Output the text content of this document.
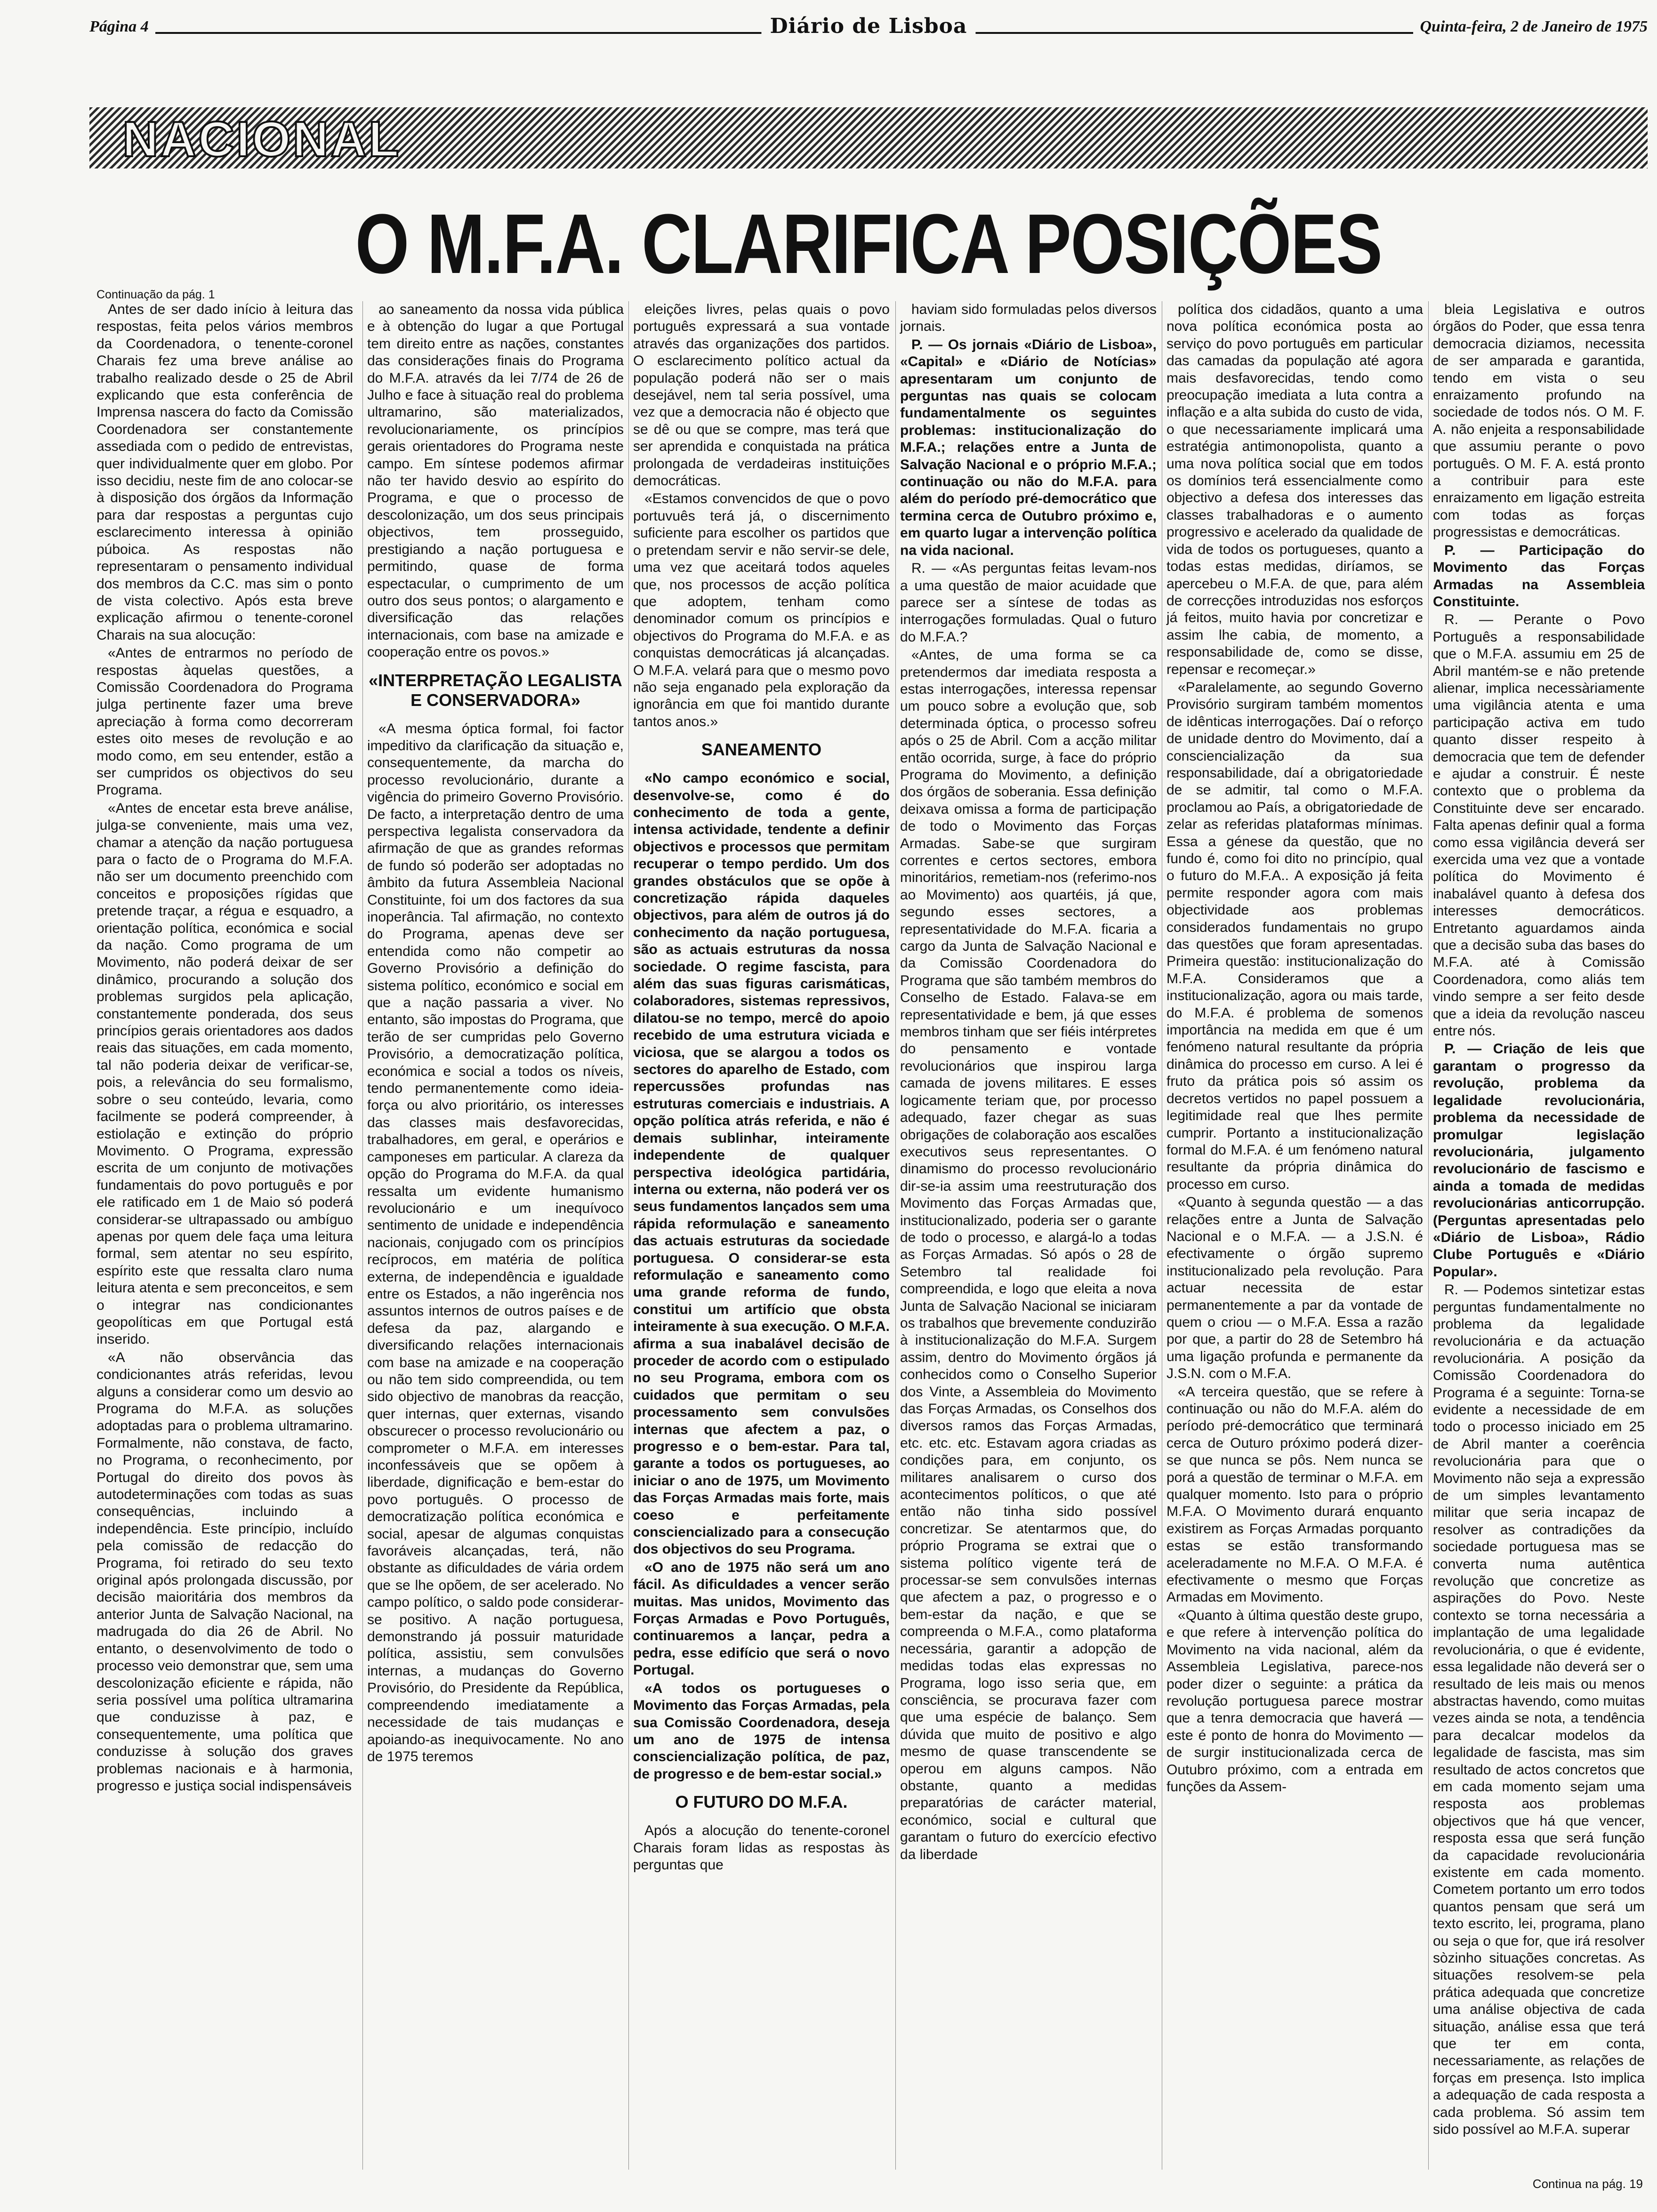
Página 4	Diário de Lisboa	Quinta-feira, 2 de Janeiro de 1975
NACIONAL
O M.F.A. CLARIFICA POSIÇÕES
Continuação da pág. 1

Antes de ser dado início à leitura das respostas, feita pelos vários membros da Coordenadora, o tenente-coronel Charais fez uma breve análise ao trabalho realizado desde o 25 de Abril explicando que esta conferência de Imprensa nascera do facto da Comissão Coordenadora ser constantemente assediada com o pedido de entrevistas, quer individualmente quer em globo. Por isso decidiu, neste fim de ano colocar-se à disposição dos órgãos da Informação para dar respostas a perguntas cujo esclarecimento interessa à opinião púboica. As respostas não representaram o pensamento individual dos membros da C.C. mas sim o ponto de vista colectivo. Após esta breve explicação afirmou o tenente-coronel Charais na sua alocução:

«Antes de entrarmos no período de respostas àquelas questões, a Comissão Coordenadora do Programa julga pertinente fazer uma breve apreciação à forma como decorreram estes oito meses de revolução e ao modo como, em seu entender, estão a ser cumpridos os objectivos do seu Programa.

«Antes de encetar esta breve análise, julga-se conveniente, mais uma vez, chamar a atenção da nação portuguesa para o facto de o Programa do M.F.A. não ser um documento preenchido com conceitos e proposições rígidas que pretende traçar, a régua e esquadro, a orientação política, económica e social da nação. Como programa de um Movimento, não poderá deixar de ser dinâmico, procurando a solução dos problemas surgidos pela aplicação, constantemente ponderada, dos seus princípios gerais orientadores aos dados reais das situações, em cada momento, tal não poderia deixar de verificar-se, pois, a relevância do seu formalismo, sobre o seu conteúdo, levaria, como facilmente se poderá compreender, à estiolação e extinção do próprio Movimento. O Programa, expressão escrita de um conjunto de motivações fundamentais do povo português e por ele ratificado em 1 de Maio só poderá considerar-se ultrapassado ou ambíguo apenas por quem dele faça uma leitura formal, sem atentar no seu espírito, espírito este que ressalta claro numa leitura atenta e sem preconceitos, e sem o integrar nas condicionantes geopolíticas em que Portugal está inserido.

«A não observância das condicionantes atrás referidas, levou alguns a considerar como um desvio ao Programa do M.F.A. as soluções adoptadas para o problema ultramarino. Formalmente, não constava, de facto, no Programa, o reconhecimento, por Portugal do direito dos povos às autodeterminações com todas as suas consequências, incluindo a independência. Este princípio, incluído pela comissão de redacção do Programa, foi retirado do seu texto original após prolongada discussão, por decisão maioritária dos membros da anterior Junta de Salvação Nacional, na madrugada do dia 26 de Abril. No entanto, o desenvolvimento de todo o processo veio demonstrar que, sem uma descolonização eficiente e rápida, não seria possível uma política ultramarina que conduzisse à paz, e consequentemente, uma política que conduzisse à solução dos graves problemas nacionais e à harmonia, progresso e justiça social indispensáveis

ao saneamento da nossa vida pública e à obtenção do lugar a que Portugal tem direito entre as nações, constantes das considerações finais do Programa do M.F.A. através da lei 7/74 de 26 de Julho e face à situação real do problema ultramarino, são materializados, revolucionariamente, os princípios gerais orientadores do Programa neste campo. Em síntese podemos afirmar não ter havido desvio ao espírito do Programa, e que o processo de descolonização, um dos seus principais objectivos, tem prosseguido, prestigiando a nação portuguesa e permitindo, quase de forma espectacular, o cumprimento de um outro dos seus pontos; o alargamento e diversificação das relações internacionais, com base na amizade e cooperação entre os povos.»

«INTERPRETAÇÃO LEGALISTA E CONSERVADORA»

«A mesma óptica formal, foi factor impeditivo da clarificação da situação e, consequentemente, da marcha do processo revolucionário, durante a vigência do primeiro Governo Provisório. De facto, a interpretação dentro de uma perspectiva legalista conservadora da afirmação de que as grandes reformas de fundo só poderão ser adoptadas no âmbito da futura Assembleia Nacional Constituinte, foi um dos factores da sua inoperância. Tal afirmação, no contexto do Programa, apenas deve ser entendida como não competir ao Governo Provisório a definição do sistema político, económico e social em que a nação passaria a viver. No entanto, são impostas do Programa, que terão de ser cumpridas pelo Governo Provisório, a democratização política, económica e social a todos os níveis, tendo permanentemente como ideia-força ou alvo prioritário, os interesses das classes mais desfavorecidas, trabalhadores, em geral, e operários e camponeses em particular. A clareza da opção do Programa do M.F.A. da qual ressalta um evidente humanismo revolucionário e um inequívoco sentimento de unidade e independência nacionais, conjugado com os princípios recíprocos, em matéria de política externa, de independência e igualdade entre os Estados, a não ingerência nos assuntos internos de outros países e de defesa da paz, alargando e diversificando relações internacionais com base na amizade e na cooperação ou não tem sido compreendida, ou tem sido objectivo de manobras da reacção, quer internas, quer externas, visando obscurecer o processo revolucionário ou comprometer o M.F.A. em interesses inconfessáveis que se opõem à liberdade, dignificação e bem-estar do povo português. O processo de democratização política económica e social, apesar de algumas conquistas favoráveis alcançadas, terá, não obstante as dificuldades de vária ordem que se lhe opõem, de ser acelerado. No campo político, o saldo pode considerar-se positivo. A nação portuguesa, demonstrando já possuir maturidade política, assistiu, sem convulsões internas, a mudanças do Governo Provisório, do Presidente da República, compreendendo imediatamente a necessidade de tais mudanças e apoiando-as inequivocamente. No ano de 1975 teremos

eleições livres, pelas quais o povo português expressará a sua vontade através das organizações dos partidos. O esclarecimento político actual da população poderá não ser o mais desejável, nem tal seria possível, uma vez que a democracia não é objecto que se dê ou que se compre, mas terá que ser aprendida e conquistada na prática prolongada de verdadeiras instituições democráticas.

«Estamos convencidos de que o povo portuvuês terá já, o discernimento suficiente para escolher os partidos que o pretendam servir e não servir-se dele, uma vez que aceitará todos aqueles que, nos processos de acção política que adoptem, tenham como denominador comum os princípios e objectivos do Programa do M.F.A. e as conquistas democráticas já alcançadas. O M.F.A. velará para que o mesmo povo não seja enganado pela exploração da ignorância em que foi mantido durante tantos anos.»

SANEAMENTO

«No campo económico e social, desenvolve-se, como é do conhecimento de toda a gente, intensa actividade, tendente a definir objectivos e processos que permitam recuperar o tempo perdido. Um dos grandes obstáculos que se opõe à concretização rápida daqueles objectivos, para além de outros já do conhecimento da nação portuguesa, são as actuais estruturas da nossa sociedade. O regime fascista, para além das suas figuras carismáticas, colaboradores, sistemas repressivos, dilatou-se no tempo, mercê do apoio recebido de uma estrutura viciada e viciosa, que se alargou a todos os sectores do aparelho de Estado, com repercussões profundas nas estruturas comerciais e industriais. A opção política atrás referida, e não é demais sublinhar, inteiramente independente de qualquer perspectiva ideológica partidária, interna ou externa, não poderá ver os seus fundamentos lançados sem uma rápida reformulação e saneamento das actuais estruturas da sociedade portuguesa. O considerar-se esta reformulação e saneamento como uma grande reforma de fundo, constitui um artifício que obsta inteiramente à sua execução. O M.F.A. afirma a sua inabalável decisão de proceder de acordo com o estipulado no seu Programa, embora com os cuidados que permitam o seu processamento sem convulsões internas que afectem a paz, o progresso e o bem-estar. Para tal, garante a todos os portugueses, ao iniciar o ano de 1975, um Movimento das Forças Armadas mais forte, mais coeso e perfeitamente consciencializado para a consecução dos objectivos do seu Programa.

«O ano de 1975 não será um ano fácil. As dificuldades a vencer serão muitas. Mas unidos, Movimento das Forças Armadas e Povo Português, continuaremos a lançar, pedra a pedra, esse edifício que será o novo Portugal.

«A todos os portugueses o Movimento das Forças Armadas, pela sua Comissão Coordenadora, deseja um ano de 1975 de intensa consciencialização política, de paz, de progresso e de bem-estar social.»

O FUTURO DO M.F.A.

Após a alocução do tenente-coronel Charais foram lidas as respostas às perguntas que

haviam sido formuladas pelos diversos jornais.

P. — Os jornais «Diário de Lisboa», «Capital» e «Diário de Notícias» apresentaram um conjunto de perguntas nas quais se colocam fundamentalmente os seguintes problemas: institucionalização do M.F.A.; relações entre a Junta de Salvação Nacional e o próprio M.F.A.; continuação ou não do M.F.A. para além do período pré-democrático que termina cerca de Outubro próximo e, em quarto lugar a intervenção política na vida nacional.

R. — «As perguntas feitas levam-nos a uma questão de maior acuidade que parece ser a síntese de todas as interrogações formuladas. Qual o futuro do M.F.A.?

«Antes, de uma forma se ca pretendermos dar imediata resposta a estas interrogações, interessa repensar um pouco sobre a evolução que, sob determinada óptica, o processo sofreu após o 25 de Abril. Com a acção militar então ocorrida, surge, à face do próprio Programa do Movimento, a definição dos órgãos de soberania. Essa definição deixava omissa a forma de participação de todo o Movimento das Forças Armadas. Sabe-se que surgiram correntes e certos sectores, embora minoritários, remetiam-nos (referimo-nos ao Movimento) aos quartéis, já que, segundo esses sectores, a representatividade do M.F.A. ficaria a cargo da Junta de Salvação Nacional e da Comissão Coordenadora do Programa que são também membros do Conselho de Estado. Falava-se em representatividade e bem, já que esses membros tinham que ser fiéis intérpretes do pensamento e vontade revolucionários que inspirou larga camada de jovens militares. E esses logicamente teriam que, por processo adequado, fazer chegar as suas obrigações de colaboração aos escalões executivos seus representantes. O dinamismo do processo revolucionário dir-se-ia assim uma reestruturação dos Movimento das Forças Armadas que, institucionalizado, poderia ser o garante de todo o processo, e alargá-lo a todas as Forças Armadas. Só após o 28 de Setembro tal realidade foi compreendida, e logo que eleita a nova Junta de Salvação Nacional se iniciaram os trabalhos que brevemente conduzirão à institucionalização do M.F.A. Surgem assim, dentro do Movimento órgãos já conhecidos como o Conselho Superior dos Vinte, a Assembleia do Movimento das Forças Armadas, os Conselhos dos diversos ramos das Forças Armadas, etc. etc. etc. Estavam agora criadas as condições para, em conjunto, os militares analisarem o curso dos acontecimentos políticos, o que até então não tinha sido possível concretizar. Se atentarmos que, do próprio Programa se extrai que o sistema político vigente terá de processar-se sem convulsões internas que afectem a paz, o progresso e o bem-estar da nação, e que se compreenda o M.F.A., como plataforma necessária, garantir a adopção de medidas todas elas expressas no Programa, logo isso seria que, em consciência, se procurava fazer com que uma espécie de balanço. Sem dúvida que muito de positivo e algo mesmo de quase transcendente se operou em alguns campos. Não obstante, quanto a medidas preparatórias de carácter material, económico, social e cultural que garantam o futuro do exercício efectivo da liberdade

política dos cidadãos, quanto a uma nova política económica posta ao serviço do povo português em particular das camadas da população até agora mais desfavorecidas, tendo como preocupação imediata a luta contra a inflação e a alta subida do custo de vida, o que necessariamente implicará uma estratégia antimonopolista, quanto a uma nova política social que em todos os domínios terá essencialmente como objectivo a defesa dos interesses das classes trabalhadoras e o aumento progressivo e acelerado da qualidade de vida de todos os portugueses, quanto a todas estas medidas, diríamos, se apercebeu o M.F.A. de que, para além de correcções introduzidas nos esforços já feitos, muito havia por concretizar e assim lhe cabia, de momento, a responsabilidade de, como se disse, repensar e recomeçar.»

«Paralelamente, ao segundo Governo Provisório surgiram também momentos de idênticas interrogações. Daí o reforço de unidade dentro do Movimento, daí a consciencialização da sua responsabilidade, daí a obrigatoriedade de se admitir, tal como o M.F.A. proclamou ao País, a obrigatoriedade de zelar as referidas plataformas mínimas. Essa a génese da questão, que no fundo é, como foi dito no princípio, qual o futuro do M.F.A.. A exposição já feita permite responder agora com mais objectividade aos problemas considerados fundamentais no grupo das questões que foram apresentadas. Primeira questão: institucionalização do M.F.A. Consideramos que a institucionalização, agora ou mais tarde, do M.F.A. é problema de somenos importância na medida em que é um fenómeno natural resultante da própria dinâmica do processo em curso. A lei é fruto da prática pois só assim os decretos vertidos no papel possuem a legitimidade real que lhes permite cumprir. Portanto a institucionalização formal do M.F.A. é um fenómeno natural resultante da própria dinâmica do processo em curso.

«Quanto à segunda questão — a das relações entre a Junta de Salvação Nacional e o M.F.A. — a J.S.N. é efectivamente o órgão supremo institucionalizado pela revolução. Para actuar necessita de estar permanentemente a par da vontade de quem o criou — o M.F.A. Essa a razão por que, a partir do 28 de Setembro há uma ligação profunda e permanente da J.S.N. com o M.F.A.

«A terceira questão, que se refere à continuação ou não do M.F.A. além do período pré-democrático que terminará cerca de Outuro próximo poderá dizer-se que nunca se pôs. Nem nunca se porá a questão de terminar o M.F.A. em qualquer momento. Isto para o próprio M.F.A. O Movimento durará enquanto existirem as Forças Armadas porquanto estas se estão transformando aceleradamente no M.F.A. O M.F.A. é efectivamente o mesmo que Forças Armadas em Movimento.

«Quanto à última questão deste grupo, e que refere à intervenção política do Movimento na vida nacional, além da Assembleia Legislativa, parece-nos poder dizer o seguinte: a prática da revolução portuguesa parece mostrar que a tenra democracia que haverá — este é ponto de honra do Movimento — de surgir institucionalizada cerca de Outubro próximo, com a entrada em funções da Assem-

bleia Legislativa e outros órgãos do Poder, que essa tenra democracia diziamos, necessita de ser amparada e garantida, tendo em vista o seu enraizamento profundo na sociedade de todos nós. O M. F. A. não enjeita a responsabilidade que assumiu perante o povo português. O M. F. A. está pronto a contribuir para este enraizamento em ligação estreita com todas as forças progressistas e democráticas.

P. — Participação do Movimento das Forças Armadas na Assembleia Constituinte.

R. — Perante o Povo Português a responsabilidade que o M.F.A. assumiu em 25 de Abril mantém-se e não pretende alienar, implica necessàriamente uma vigilância atenta e uma participação activa em tudo quanto disser respeito à democracia que tem de defender e ajudar a construir. É neste contexto que o problema da Constituinte deve ser encarado. Falta apenas definir qual a forma como essa vigilância deverá ser exercida uma vez que a vontade política do Movimento é inabalável quanto à defesa dos interesses democráticos. Entretanto aguardamos ainda que a decisão suba das bases do M.F.A. até à Comissão Coordenadora, como aliás tem vindo sempre a ser feito desde que a ideia da revolução nasceu entre nós.

P. — Criação de leis que garantam o progresso da revolução, problema da legalidade revolucionária, problema da necessidade de promulgar legislação revolucionária, julgamento revolucionário de fascismo e ainda a tomada de medidas revolucionárias anticorrupção. (Perguntas apresentadas pelo «Diário de Lisboa», Rádio Clube Português e «Diário Popular».

R. — Podemos sintetizar estas perguntas fundamentalmente no problema da legalidade revolucionária e da actuação revolucionária. A posição da Comissão Coordenadora do Programa é a seguinte: Torna-se evidente a necessidade de em todo o processo iniciado em 25 de Abril manter a coerência revolucionária para que o Movimento não seja a expressão de um simples levantamento militar que seria incapaz de resolver as contradições da sociedade portuguesa mas se converta numa autêntica revolução que concretize as aspirações do Povo. Neste contexto se torna necessária a implantação de uma legalidade revolucionária, o que é evidente, essa legalidade não deverá ser o resultado de leis mais ou menos abstractas havendo, como muitas vezes ainda se nota, a tendência para decalcar modelos da legalidade de fascista, mas sim resultado de actos concretos que em cada momento sejam uma resposta aos problemas objectivos que há que vencer, resposta essa que será função da capacidade revolucionária existente em cada momento. Cometem portanto um erro todos quantos pensam que será um texto escrito, lei, programa, plano ou seja o que for, que irá resolver sòzinho situações concretas. As situações resolvem-se pela prática adequada que concretize uma análise objectiva de cada situação, análise essa que terá que ter em conta, necessariamente, as relações de forças em presença. Isto implica a adequação de cada resposta a cada problema. Só assim tem sido possível ao M.F.A. superar

Continua na pág. 19
